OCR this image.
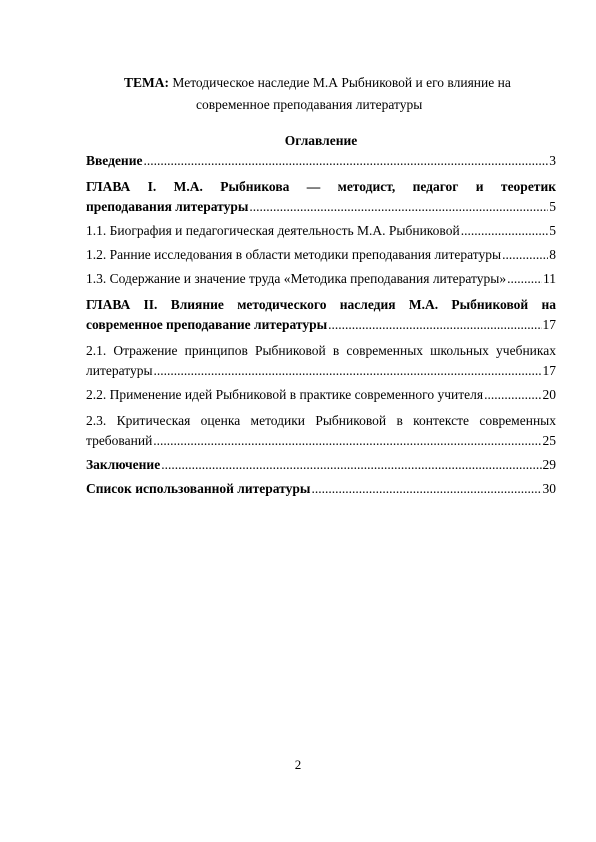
ТЕМА: Методическое наследие М.А Рыбниковой и его влияние на
современное преподавания литературы
Оглавление
Введение .....	3
ГЛАВА I. М.А. Рыбникова — методист, педагог и теоретик
преподавания литературы .....	5
1.1. Биография и педагогическая деятельность М.А. Рыбниковой .....	5
1.2. Ранние исследования в области методики преподавания литературы .....	8
1.3. Содержание и значение труда «Методика преподавания литературы» .....	11
ГЛАВА II. Влияние методического наследия М.А. Рыбниковой на
современное преподавание литературы .....	17
2.1. Отражение принципов Рыбниковой в современных школьных учебниках
литературы .....	17
2.2. Применение идей Рыбниковой в практике современного учителя .....	20
2.3. Критическая оценка методики Рыбниковой в контексте современных
требований .....	25
Заключение .....	29
Список использованной литературы .....	30
2
